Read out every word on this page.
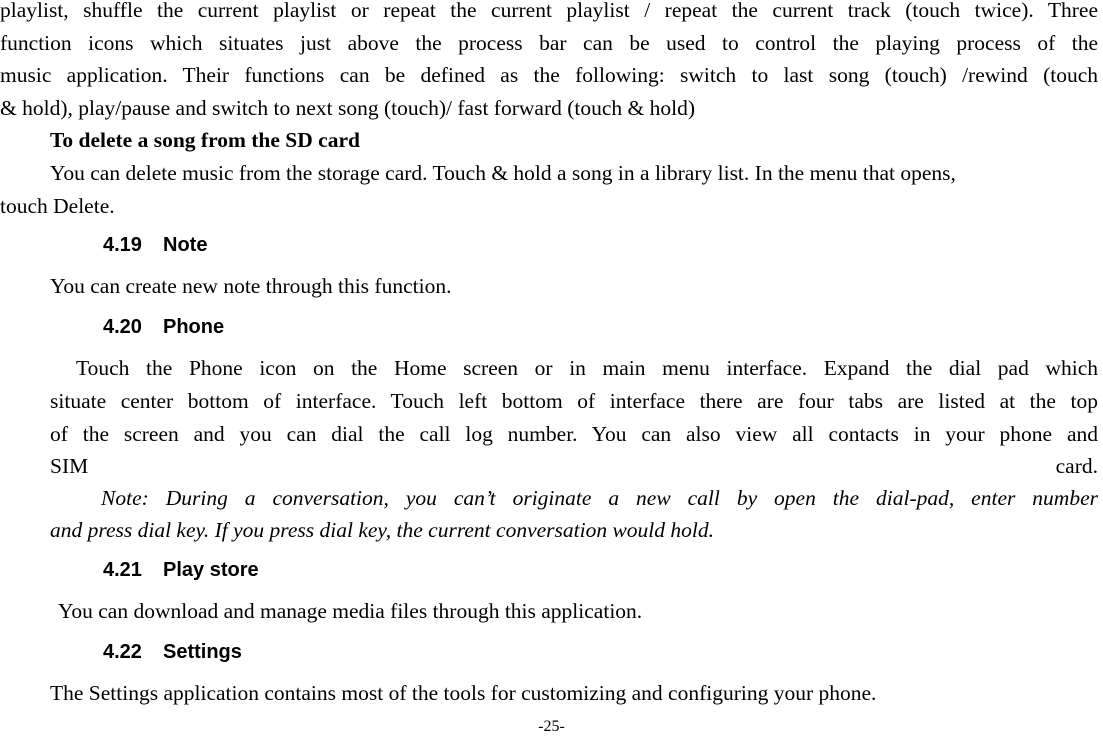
playlist, shuffle the current playlist or repeat the current playlist / repeat the current track (touch twice). Three
function icons which situates just above the process bar can be used to control the playing process of the
music application. Their functions can be defined as the following: switch to last song (touch) /rewind (touch
& hold), play/pause and switch to next song (touch)/ fast forward (touch & hold)
To delete a song from the SD card
You can delete music from the storage card. Touch & hold a song in a library list. In the menu that opens,
touch Delete.
4.19 Note
You can create new note through this function.
4.20 Phone
Touch the Phone icon on the Home screen or in main menu interface. Expand the dial pad which
situate center bottom of interface. Touch left bottom of interface there are four tabs are listed at the top
of the screen and you can dial the call log number. You can also view all contacts in your phone and
SIM	card.
Note: During a conversation, you can’t originate a new call by open the dial-pad, enter number
and press dial key. If you press dial key, the current conversation would hold.
4.21 Play store
You can download and manage media files through this application.
4.22 Settings
The Settings application contains most of the tools for customizing and configuring your phone.
-25-
